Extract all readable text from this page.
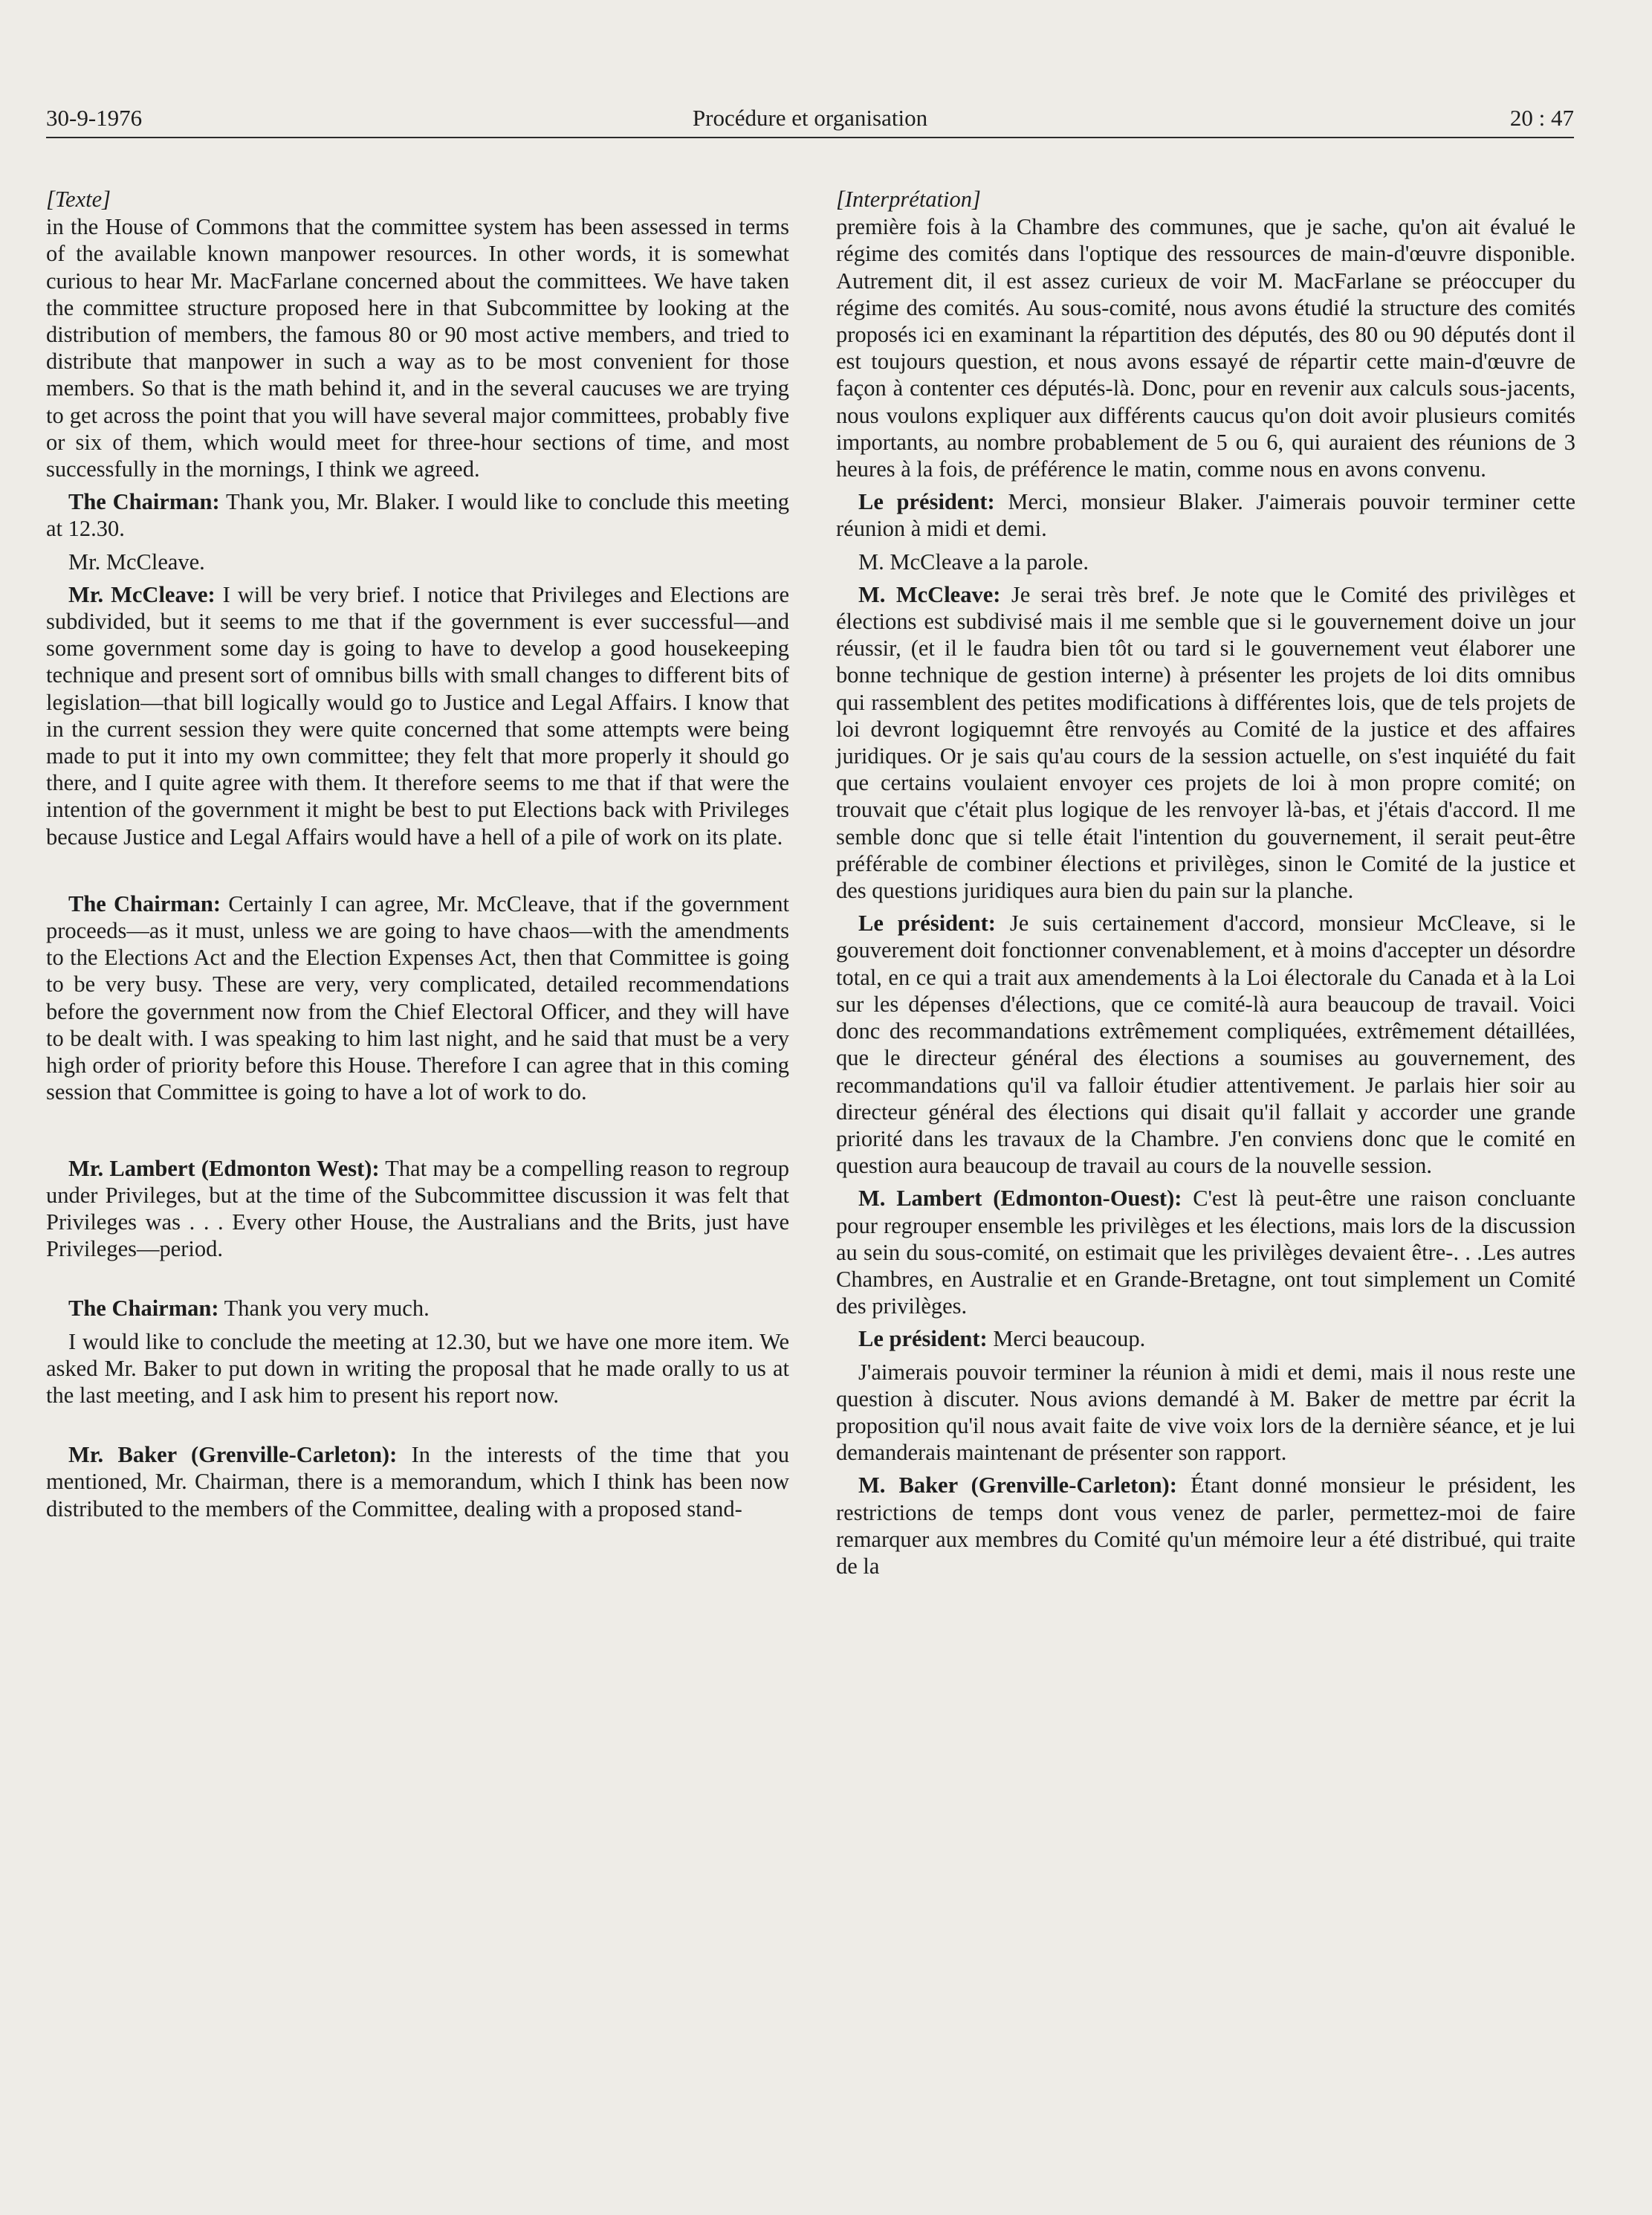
30-9-1976	Procédure et organisation	20 : 47

[Texte]

in the House of Commons that the committee system has been assessed in terms of the available known manpower resources. In other words, it is somewhat curious to hear Mr. MacFarlane concerned about the committees. We have taken the committee structure proposed here in that Subcommittee by looking at the distribution of members, the famous 80 or 90 most active members, and tried to distribute that manpower in such a way as to be most convenient for those members. So that is the math behind it, and in the several caucuses we are trying to get across the point that you will have several major committees, probably five or six of them, which would meet for three-hour sections of time, and most successfully in the mornings, I think we agreed.

The Chairman: Thank you, Mr. Blaker. I would like to conclude this meeting at 12.30.

Mr. McCleave.

Mr. McCleave: I will be very brief. I notice that Privileges and Elections are subdivided, but it seems to me that if the government is ever successful—and some government some day is going to have to develop a good housekeeping technique and present sort of omnibus bills with small changes to different bits of legislation—that bill logically would go to Justice and Legal Affairs. I know that in the current session they were quite concerned that some attempts were being made to put it into my own committee; they felt that more properly it should go there, and I quite agree with them. It therefore seems to me that if that were the intention of the government it might be best to put Elections back with Privileges because Justice and Legal Affairs would have a hell of a pile of work on its plate.

The Chairman: Certainly I can agree, Mr. McCleave, that if the government proceeds—as it must, unless we are going to have chaos—with the amendments to the Elections Act and the Election Expenses Act, then that Committee is going to be very busy. These are very, very complicated, detailed recommendations before the government now from the Chief Electoral Officer, and they will have to be dealt with. I was speaking to him last night, and he said that must be a very high order of priority before this House. Therefore I can agree that in this coming session that Committee is going to have a lot of work to do.

Mr. Lambert (Edmonton West): That may be a compelling reason to regroup under Privileges, but at the time of the Subcommittee discussion it was felt that Privileges was . . . Every other House, the Australians and the Brits, just have Privileges—period.

The Chairman: Thank you very much.

I would like to conclude the meeting at 12.30, but we have one more item. We asked Mr. Baker to put down in writing the proposal that he made orally to us at the last meeting, and I ask him to present his report now.

Mr. Baker (Grenville-Carleton): In the interests of the time that you mentioned, Mr. Chairman, there is a memorandum, which I think has been now distributed to the members of the Committee, dealing with a proposed stand-

[Interprétation]

première fois à la Chambre des communes, que je sache, qu'on ait évalué le régime des comités dans l'optique des ressources de main-d'œuvre disponible. Autrement dit, il est assez curieux de voir M. MacFarlane se préoccuper du régime des comités. Au sous-comité, nous avons étudié la structure des comités proposés ici en examinant la répartition des députés, des 80 ou 90 députés dont il est toujours question, et nous avons essayé de répartir cette main-d'œuvre de façon à contenter ces députés-là. Donc, pour en revenir aux calculs sous-jacents, nous voulons expliquer aux différents caucus qu'on doit avoir plusieurs comités importants, au nombre probablement de 5 ou 6, qui auraient des réunions de 3 heures à la fois, de préférence le matin, comme nous en avons convenu.

Le président: Merci, monsieur Blaker. J'aimerais pouvoir terminer cette réunion à midi et demi.

M. McCleave a la parole.

M. McCleave: Je serai très bref. Je note que le Comité des privilèges et élections est subdivisé mais il me semble que si le gouvernement doive un jour réussir, (et il le faudra bien tôt ou tard si le gouvernement veut élaborer une bonne technique de gestion interne) à présenter les projets de loi dits omnibus qui rassemblent des petites modifications à différentes lois, que de tels projets de loi devront logiquemnt être renvoyés au Comité de la justice et des affaires juridiques. Or je sais qu'au cours de la session actuelle, on s'est inquiété du fait que certains voulaient envoyer ces projets de loi à mon propre comité; on trouvait que c'était plus logique de les renvoyer là-bas, et j'étais d'accord. Il me semble donc que si telle était l'intention du gouvernement, il serait peut-être préférable de combiner élections et privilèges, sinon le Comité de la justice et des questions juridiques aura bien du pain sur la planche.

Le président: Je suis certainement d'accord, monsieur McCleave, si le gouverement doit fonctionner convenablement, et à moins d'accepter un désordre total, en ce qui a trait aux amendements à la Loi électorale du Canada et à la Loi sur les dépenses d'élections, que ce comité-là aura beaucoup de travail. Voici donc des recommandations extrêmement compliquées, extrêmement détaillées, que le directeur général des élections a soumises au gouvernement, des recommandations qu'il va falloir étudier attentivement. Je parlais hier soir au directeur général des élections qui disait qu'il fallait y accorder une grande priorité dans les travaux de la Chambre. J'en conviens donc que le comité en question aura beaucoup de travail au cours de la nouvelle session.

M. Lambert (Edmonton-Ouest): C'est là peut-être une raison concluante pour regrouper ensemble les privilèges et les élections, mais lors de la discussion au sein du sous-comité, on estimait que les privilèges devaient être-. . .Les autres Chambres, en Australie et en Grande-Bretagne, ont tout simplement un Comité des privilèges.

Le président: Merci beaucoup.

J'aimerais pouvoir terminer la réunion à midi et demi, mais il nous reste une question à discuter. Nous avions demandé à M. Baker de mettre par écrit la proposition qu'il nous avait faite de vive voix lors de la dernière séance, et je lui demanderais maintenant de présenter son rapport.

M. Baker (Grenville-Carleton): Étant donné monsieur le président, les restrictions de temps dont vous venez de parler, permettez-moi de faire remarquer aux membres du Comité qu'un mémoire leur a été distribué, qui traite de la
